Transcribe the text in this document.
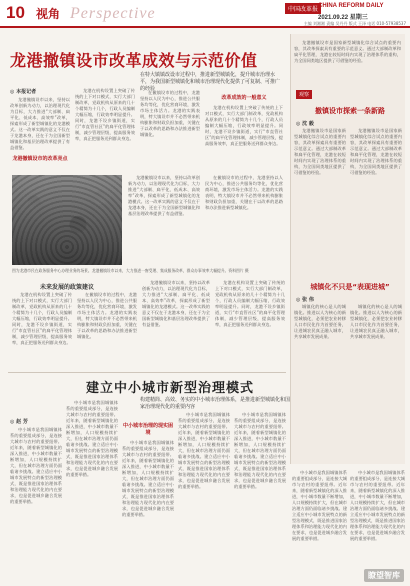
10 视角 Perspective	中国改革报 CHINA REFORM DAILY
2021.09.22 星期三
主编 刘湘湘 责编 吴丹丹 版式 王泽 电话 010-57938537
龙港撤镇设市改革成效与示范价值
在特大镇镇改设市过程中，推进新型城镇化，提升城市治理水平，为我国新型城镇化和城市治理现代化提供了可复制、可推广的经验

◎ 本报记者

龙港撤镇设市以来，坚持以改革创新为动力，以治理现代化为目标，大力推进“大部制、扁平化、低成本、高效率”改革，探索形成了新型城镇化的龙港模式。这一改革实践的意义不仅在于龙港本身，还在于为全国新型城镇化和基层治理改革提供了有益借鉴。

龙港撤镇设市的改革亮点

龙港在机构设置上突破了传统的上下对口模式，实行大部门制改革，党政机构从原来的几十个精简为十几个，行政人员编制大幅压缩，行政效率明显提升。同时，龙港不设乡镇街道，实行“市直管社区”的扁平化管理体制，减少管理层级，提高服务效率，真正把服务送到群众身边。

在撤镇设市的过程中，龙港坚持以人民为中心，推进公共服务均等化，优化营商环境，激发市场主体活力。龙港的实践表明，特大镇设市并不必然带来机构膨胀和财政负担加重，关键在于以改革的思路和办法推进新型城镇化。

改革成效的一般意义

龙港在机构设置上突破了传统的上下对口模式，实行大部门制改革，党政机构从原来的几十个精简为十几个，行政人员编制大幅压缩，行政效率明显提升。同时，龙港不设乡镇街道，实行“市直管社区”的扁平化管理体制，减少管理层级，提高服务效率，真正把服务送到群众身边。

龙港撤镇设市以来，坚持以改革创新为动力，以治理现代化为目标，大力推进“大部制、扁平化、低成本、高效率”改革，探索形成了新型城镇化的龙港模式。这一改革实践的意义不仅在于龙港本身，还在于为全国新型城镇化和基层治理改革提供了有益借鉴。

在撤镇设市的过程中，龙港坚持以人民为中心，推进公共服务均等化，优化营商环境，激发市场主体活力。龙港的实践表明，特大镇设市并不必然带来机构膨胀和财政负担加重，关键在于以改革的思路和办法推进新型城镇化。

图为龙港市民在政务服务中心办理业务的场景。龙港撤镇设市以来，大力推进一窗受理、集成服务改革，群众办事效率大幅提升。资料图片 摄
未来发展的政策建议

龙港在机构设置上突破了传统的上下对口模式，实行大部门制改革，党政机构从原来的几十个精简为十几个，行政人员编制大幅压缩，行政效率明显提升。同时，龙港不设乡镇街道，实行“市直管社区”的扁平化管理体制，减少管理层级，提高服务效率，真正把服务送到群众身边。

在撤镇设市的过程中，龙港坚持以人民为中心，推进公共服务均等化，优化营商环境，激发市场主体活力。龙港的实践表明，特大镇设市并不必然带来机构膨胀和财政负担加重，关键在于以改革的思路和办法推进新型城镇化。

龙港撤镇设市以来，坚持以改革创新为动力，以治理现代化为目标，大力推进“大部制、扁平化、低成本、高效率”改革，探索形成了新型城镇化的龙港模式。这一改革实践的意义不仅在于龙港本身，还在于为全国新型城镇化和基层治理改革提供了有益借鉴。

龙港在机构设置上突破了传统的上下对口模式，实行大部门制改革，党政机构从原来的几十个精简为十几个，行政人员编制大幅压缩，行政效率明显提升。同时，龙港不设乡镇街道，实行“市直管社区”的扁平化管理体制，减少管理层级，提高服务效率，真正把服务送到群众身边。

建立中小城市新型治理模式
构建精简、高效、务实的中小城市治理体系，是推进新型城镇化和国家治理现代化的重要内容

◎ 赵 芳

中小城市是我国城镇体系的重要组成部分，是连接大城市与农村的重要纽带。近年来，随着新型城镇化的深入推进，中小城市数量不断增加，人口规模持续扩大，但在城市治理方面仍面临诸多挑战。建立适应中小城市发展特点的新型治理模式，既是推进国家治理体系和治理能力现代化的内在要求，也是促进城乡融合发展的重要举措。

中小城市是我国城镇体系的重要组成部分，是连接大城市与农村的重要纽带。近年来，随着新型城镇化的深入推进，中小城市数量不断增加，人口规模持续扩大，但在城市治理方面仍面临诸多挑战。建立适应中小城市发展特点的新型治理模式，既是推进国家治理体系和治理能力现代化的内在要求，也是促进城乡融合发展的重要举措。

中小城市治理的现实困境

中小城市是我国城镇体系的重要组成部分，是连接大城市与农村的重要纽带。近年来，随着新型城镇化的深入推进，中小城市数量不断增加，人口规模持续扩大，但在城市治理方面仍面临诸多挑战。建立适应中小城市发展特点的新型治理模式，既是推进国家治理体系和治理能力现代化的内在要求，也是促进城乡融合发展的重要举措。

中小城市是我国城镇体系的重要组成部分，是连接大城市与农村的重要纽带。近年来，随着新型城镇化的深入推进，中小城市数量不断增加，人口规模持续扩大，但在城市治理方面仍面临诸多挑战。建立适应中小城市发展特点的新型治理模式，既是推进国家治理体系和治理能力现代化的内在要求，也是促进城乡融合发展的重要举措。

中小城市是我国城镇体系的重要组成部分，是连接大城市与农村的重要纽带。近年来，随着新型城镇化的深入推进，中小城市数量不断增加，人口规模持续扩大，但在城市治理方面仍面临诸多挑战。建立适应中小城市发展特点的新型治理模式，既是推进国家治理体系和治理能力现代化的内在要求，也是促进城乡融合发展的重要举措。

龙港撤镇设市是国家新型城镇化综合试点的重要内容，其改革探索具有重要的示范意义。通过大部制改革和扁平化管理，龙港在较短时间内实现了治理体系的重构，为全国同类地区提供了可借鉴的经验。

观察
撤镇设市探索一条新路
◎ 沈 毅

龙港撤镇设市是国家新型城镇化综合试点的重要内容，其改革探索具有重要的示范意义。通过大部制改革和扁平化管理，龙港在较短时间内实现了治理体系的重构，为全国同类地区提供了可借鉴的经验。

龙港撤镇设市是国家新型城镇化综合试点的重要内容，其改革探索具有重要的示范意义。通过大部制改革和扁平化管理，龙港在较短时间内实现了治理体系的重构，为全国同类地区提供了可借鉴的经验。

城镇化不只是“表现进城”
◎ 张 伟

城镇化的核心是人的城镇化。推进以人为核心的新型城镇化，必须把农业转移人口市民化作为首要任务，让进城农民真正融入城市，共享城市发展成果。

城镇化的核心是人的城镇化。推进以人为核心的新型城镇化，必须把农业转移人口市民化作为首要任务，让进城农民真正融入城市，共享城市发展成果。

中小城市是我国城镇体系的重要组成部分，是连接大城市与农村的重要纽带。近年来，随着新型城镇化的深入推进，中小城市数量不断增加，人口规模持续扩大，但在城市治理方面仍面临诸多挑战。建立适应中小城市发展特点的新型治理模式，既是推进国家治理体系和治理能力现代化的内在要求，也是促进城乡融合发展的重要举措。

中小城市是我国城镇体系的重要组成部分，是连接大城市与农村的重要纽带。近年来，随着新型城镇化的深入推进，中小城市数量不断增加，人口规模持续扩大，但在城市治理方面仍面临诸多挑战。建立适应中小城市发展特点的新型治理模式，既是推进国家治理体系和治理能力现代化的内在要求，也是促进城乡融合发展的重要举措。

瞭望智库
